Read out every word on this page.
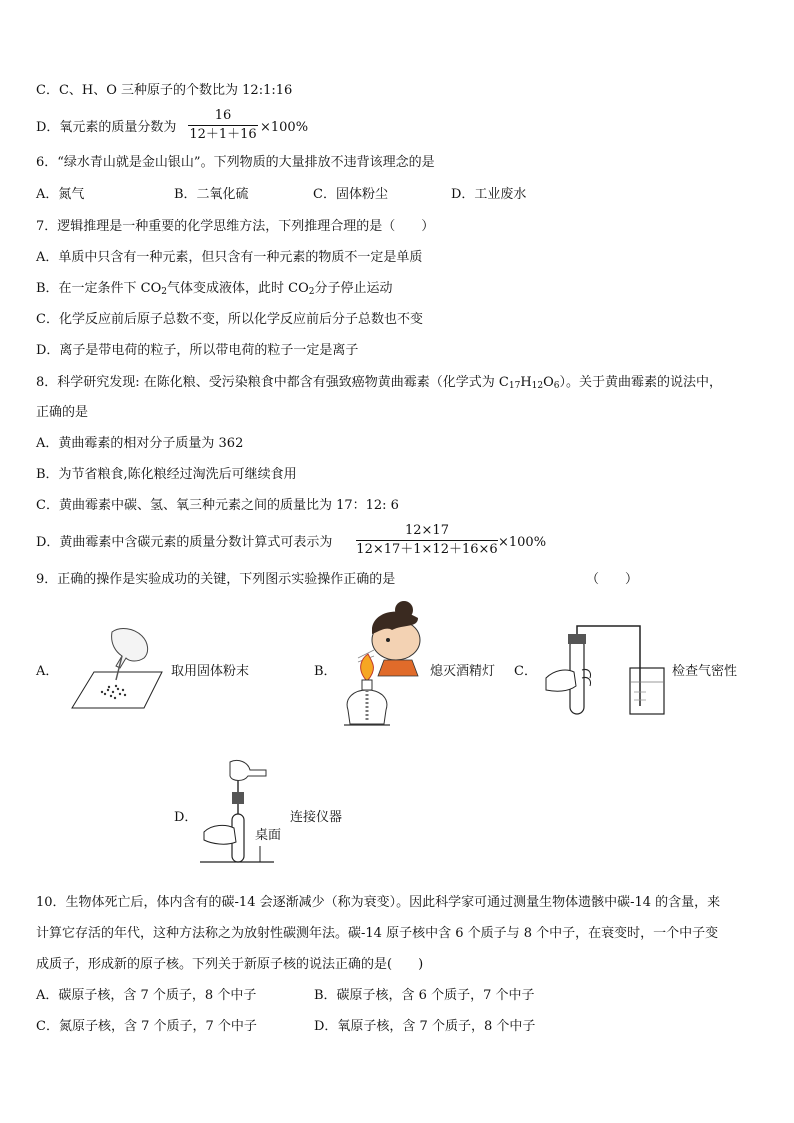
C．C、H、O 三种原子的个数比为 12:1:16
D．氧元素的质量分数为
16
12＋1＋16 ×100%
6．“绿水青山就是金山银山”。下列物质的大量排放不违背该理念的是
A．氮气	B．二氧化硫	C．固体粉尘	D．工业废水
7．逻辑推理是一种重要的化学思维方法，下列推理合理的是（　　）
A．单质中只含有一种元素，但只含有一种元素的物质不一定是单质
B．在一定条件下 $CO_2$气体变成液体，此时 $CO_2$分子停止运动
C．化学反应前后原子总数不变，所以化学反应前后分子总数也不变
D．离子是带电荷的粒子，所以带电荷的粒子一定是离子
8．科学研究发现: 在陈化粮、受污染粮食中都含有强致癌物黄曲霉素（化学式为 $C_{17}H_{12}O_6$）。关于黄曲霉素的说法中，
正确的是
A．黄曲霉素的相对分子质量为 362
B．为节省粮食,陈化粮经过淘洗后可继续食用
C．黄曲霉素中碳、氢、氧三种元素之间的质量比为 17：12: 6
D．黄曲霉素中含碳元素的质量分数计算式可表示为
12×17
12×17＋1×12＋16×6 ×100%
9．正确的操作是实验成功的关键，下列图示实验操作正确的是	（　　）
A．	取用固体粉末	B．	熄灭酒精灯 C．	检查气密性
D．	连接仪器
桌面
10．生物体死亡后，体内含有的碳-14 会逐渐减少（称为衰变）。因此科学家可通过测量生物体遗骸中碳-14 的含量，来
计算它存活的年代，这种方法称之为放射性碳测年法。碳-14 原子核中含 6 个质子与 8 个中子，在衰变时，一个中子变
成质子，形成新的原子核。下列关于新原子核的说法正确的是(　　)
A．碳原子核，含 7 个质子，8 个中子	B．碳原子核，含 6 个质子，7 个中子
C．氮原子核，含 7 个质子，7 个中子	D．氧原子核，含 7 个质子，8 个中子
